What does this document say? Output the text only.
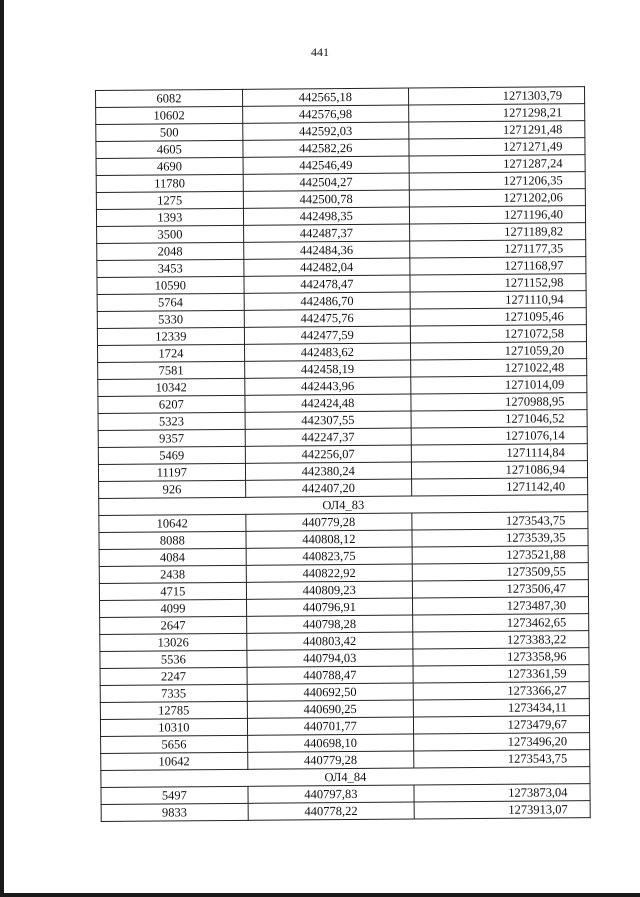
441
6082	442565,18	1271303,79
10602	442576,98	1271298,21
500	442592,03	1271291,48
4605	442582,26	1271271,49
4690	442546,49	1271287,24
11780	442504,27	1271206,35
1275	442500,78	1271202,06
1393	442498,35	1271196,40
3500	442487,37	1271189,82
2048	442484,36	1271177,35
3453	442482,04	1271168,97
10590	442478,47	1271152,98
5764	442486,70	1271110,94
5330	442475,76	1271095,46
12339	442477,59	1271072,58
1724	442483,62	1271059,20
7581	442458,19	1271022,48
10342	442443,96	1271014,09
6207	442424,48	1270988,95
5323	442307,55	1271046,52
9357	442247,37	1271076,14
5469	442256,07	1271114,84
11197	442380,24	1271086,94
926	442407,20	1271142,40
ОЛ4_83		
10642	440779,28	1273543,75
8088	440808,12	1273539,35
4084	440823,75	1273521,88
2438	440822,92	1273509,55
4715	440809,23	1273506,47
4099	440796,91	1273487,30
2647	440798,28	1273462,65
13026	440803,42	1273383,22
5536	440794,03	1273358,96
2247	440788,47	1273361,59
7335	440692,50	1273366,27
12785	440690,25	1273434,11
10310	440701,77	1273479,67
5656	440698,10	1273496,20
10642	440779,28	1273543,75
ОЛ4_84		
5497	440797,83	1273873,04
9833	440778,22	1273913,07
